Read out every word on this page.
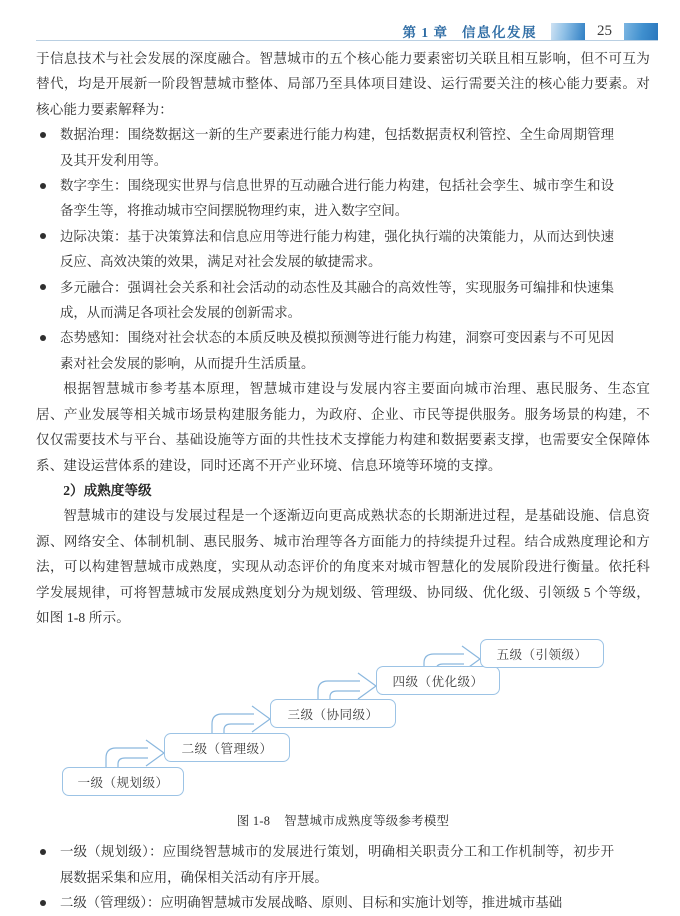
第 1 章 信息化发展	25

于信息技术与社会发展的深度融合。智慧城市的五个核心能力要素密切关联且相互影响，但不可互为替代，均是开展新一阶段智慧城市整体、局部乃至具体项目建设、运行需要关注的核心能力要素。对核心能力要素解释为：

数据治理：围绕数据这一新的生产要素进行能力构建，包括数据责权利管控、全生命周期管理及其开发利用等。
数字孪生：围绕现实世界与信息世界的互动融合进行能力构建，包括社会孪生、城市孪生和设备孪生等，将推动城市空间摆脱物理约束，进入数字空间。
边际决策：基于决策算法和信息应用等进行能力构建，强化执行端的决策能力，从而达到快速反应、高效决策的效果，满足对社会发展的敏捷需求。
多元融合：强调社会关系和社会活动的动态性及其融合的高效性等，实现服务可编排和快速集成，从而满足各项社会发展的创新需求。
态势感知：围绕对社会状态的本质反映及模拟预测等进行能力构建，洞察可变因素与不可见因素对社会发展的影响，从而提升生活质量。

根据智慧城市参考基本原理，智慧城市建设与发展内容主要面向城市治理、惠民服务、生态宜居、产业发展等相关城市场景构建服务能力，为政府、企业、市民等提供服务。服务场景的构建，不仅仅需要技术与平台、基础设施等方面的共性技术支撑能力构建和数据要素支撑，也需要安全保障体系、建设运营体系的建设，同时还离不开产业环境、信息环境等环境的支撑。

2）成熟度等级

智慧城市的建设与发展过程是一个逐渐迈向更高成熟状态的长期渐进过程，是基础设施、信息资源、网络安全、体制机制、惠民服务、城市治理等各方面能力的持续提升过程。结合成熟度理论和方法，可以构建智慧城市成熟度，实现从动态评价的角度来对城市智慧化的发展阶段进行衡量。依托科学发展规律，可将智慧城市发展成熟度划分为规划级、管理级、协同级、优化级、引领级 5 个等级，如图 1-8 所示。

一级（规划级）
二级（管理级）
三级（协同级）
四级（优化级）
五级（引领级）

图 1-8 智慧城市成熟度等级参考模型

一级（规划级）：应围绕智慧城市的发展进行策划，明确相关职责分工和工作机制等，初步开展数据采集和应用，确保相关活动有序开展。
二级（管理级）：应明确智慧城市发展战略、原则、目标和实施计划等，推进城市基础
